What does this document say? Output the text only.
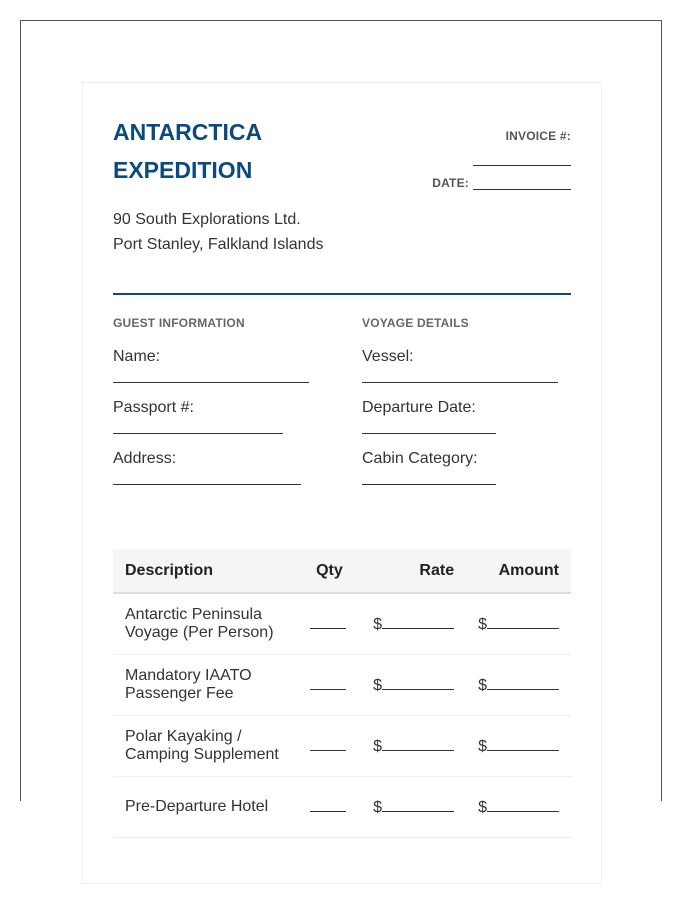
ANTARCTICA
EXPEDITION
90 South Explorations Ltd.
Port Stanley, Falkland Islands
INVOICE #:
DATE:
GUEST INFORMATION
Name:
Passport #:
Address:
VOYAGE DETAILS
Vessel:
Departure Date:
Cabin Category:
Description	Qty	Rate	Amount
Antarctic Peninsula
Voyage (Per Person)		$	$
Mandatory IAATO
Passenger Fee		$	$
Polar Kayaking /
Camping Supplement		$	$
Pre-Departure Hotel		$	$
